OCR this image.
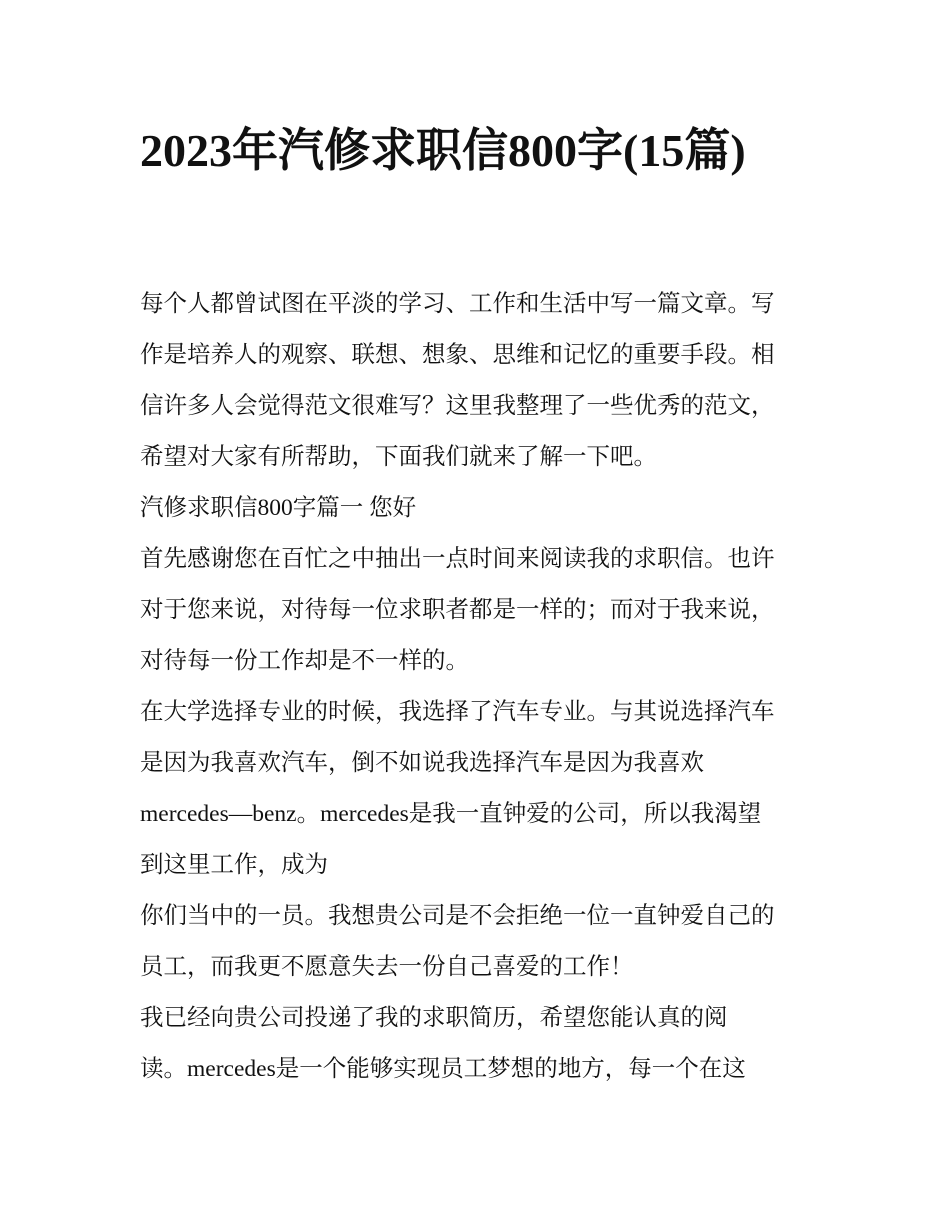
2023年汽修求职信800字(15篇)
每个人都曾试图在平淡的学习、工作和生活中写一篇文章。写
作是培养人的观察、联想、想象、思维和记忆的重要手段。相
信许多人会觉得范文很难写？这里我整理了一些优秀的范文，
希望对大家有所帮助，下面我们就来了解一下吧。
汽修求职信800字篇一 您好
首先感谢您在百忙之中抽出一点时间来阅读我的求职信。也许
对于您来说，对待每一位求职者都是一样的；而对于我来说，
对待每一份工作却是不一样的。
在大学选择专业的时候，我选择了汽车专业。与其说选择汽车
是因为我喜欢汽车，倒不如说我选择汽车是因为我喜欢
mercedes—benz。mercedes是我一直钟爱的公司，所以我渴望
到这里工作，成为
你们当中的一员。我想贵公司是不会拒绝一位一直钟爱自己的
员工，而我更不愿意失去一份自己喜爱的工作！
我已经向贵公司投递了我的求职简历，希望您能认真的阅
读。mercedes是一个能够实现员工梦想的地方，每一个在这
